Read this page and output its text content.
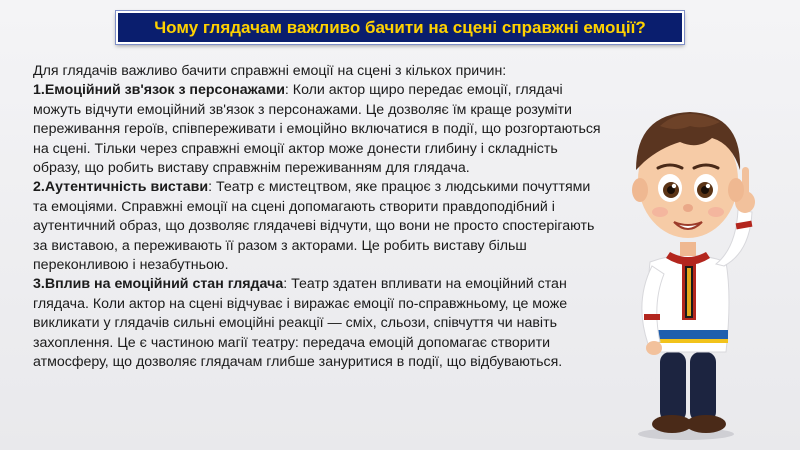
Чому глядачам важливо бачити на сцені справжні емоції?

Для глядачів важливо бачити справжні емоції на сцені з кількох причин:

1.Емоційний зв'язок з персонажами: Коли актор щиро передає емоції, глядачі можуть відчути емоційний зв'язок з персонажами. Це дозволяє їм краще розуміти переживання героїв, співпереживати і емоційно включатися в події, що розгортаються на сцені. Тільки через справжні емоції актор може донести глибину і складність образу, що робить виставу справжнім переживанням для глядача.

2.Аутентичність вистави: Театр є мистецтвом, яке працює з людськими почуттями та емоціями. Справжні емоції на сцені допомагають створити правдоподібний і аутентичний образ, що дозволяє глядачеві відчути, що вони не просто спостерігають за виставою, а переживають її разом з акторами. Це робить виставу більш переконливою і незабутньою.

3.Вплив на емоційний стан глядача: Театр здатен впливати на емоційний стан глядача. Коли актор на сцені відчуває і виражає емоції по-справжньому, це може викликати у глядачів сильні емоційні реакції — сміх, сльози, співчуття чи навіть захоплення. Це є частиною магії театру: передача емоцій допомагає створити атмосферу, що дозволяє глядачам глибше зануритися в події, що відбуваються.
